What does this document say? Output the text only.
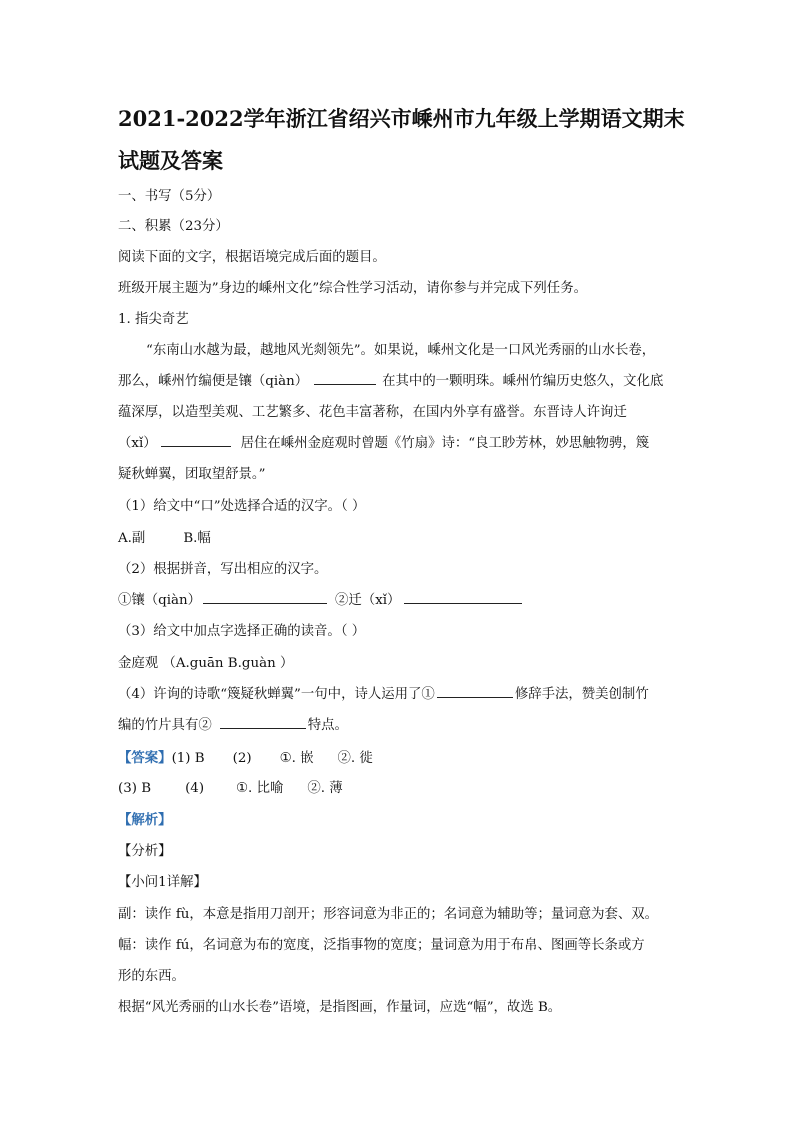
2021-2022学年浙江省绍兴市嵊州市九年级上学期语文期末
试题及答案
一、书写（5分）
二、积累（23分）
阅读下面的文字，根据语境完成后面的题目。
班级开展主题为”身边的嵊州文化”综合性学习活动，请你参与并完成下列任务。
1. 指尖奇艺
“东南山水越为最，越地风光剡领先”。如果说，嵊州文化是一口风光秀丽的山水长卷，
那么，嵊州竹编便是镶（qiàn）	在其中的一颗明珠。嵊州竹编历史悠久，文化底
蕴深厚，以造型美观、工艺繁多、花色丰富著称，在国内外享有盛誉。东晋诗人许询迁
（xǐ）	居住在嵊州金庭观时曾题《竹扇》诗：“良工眇芳林，妙思触物骋，篾
疑秋蝉翼，团取望舒景。”
（1）给文中“口”处选择合适的汉字。（ ）
A.副	B.幅
（2）根据拼音，写出相应的汉字。
①镶（qiàn）	②迁（xǐ）
（3）给文中加点字选择正确的读音。（ ）
金庭观 （A.guān B.guàn ）
（4）许询的诗歌“篾疑秋蝉翼”一句中，诗人运用了①	修辞手法，赞美创制竹
编的竹片具有②	特点。
【答案】(1) B (2) ①. 嵌 ②. 徙
(3) B	(4) ①. 比喻 ②. 薄
【解析】
【分析】
【小问1详解】
副：读作 fù，本意是指用刀剖开；形容词意为非正的；名词意为辅助等；量词意为套、双。
幅：读作 fú，名词意为布的宽度，泛指事物的宽度；量词意为用于布帛、图画等长条或方
形的东西。
根据“风光秀丽的山水长卷”语境，是指图画，作量词，应选“幅”，故选 B。
